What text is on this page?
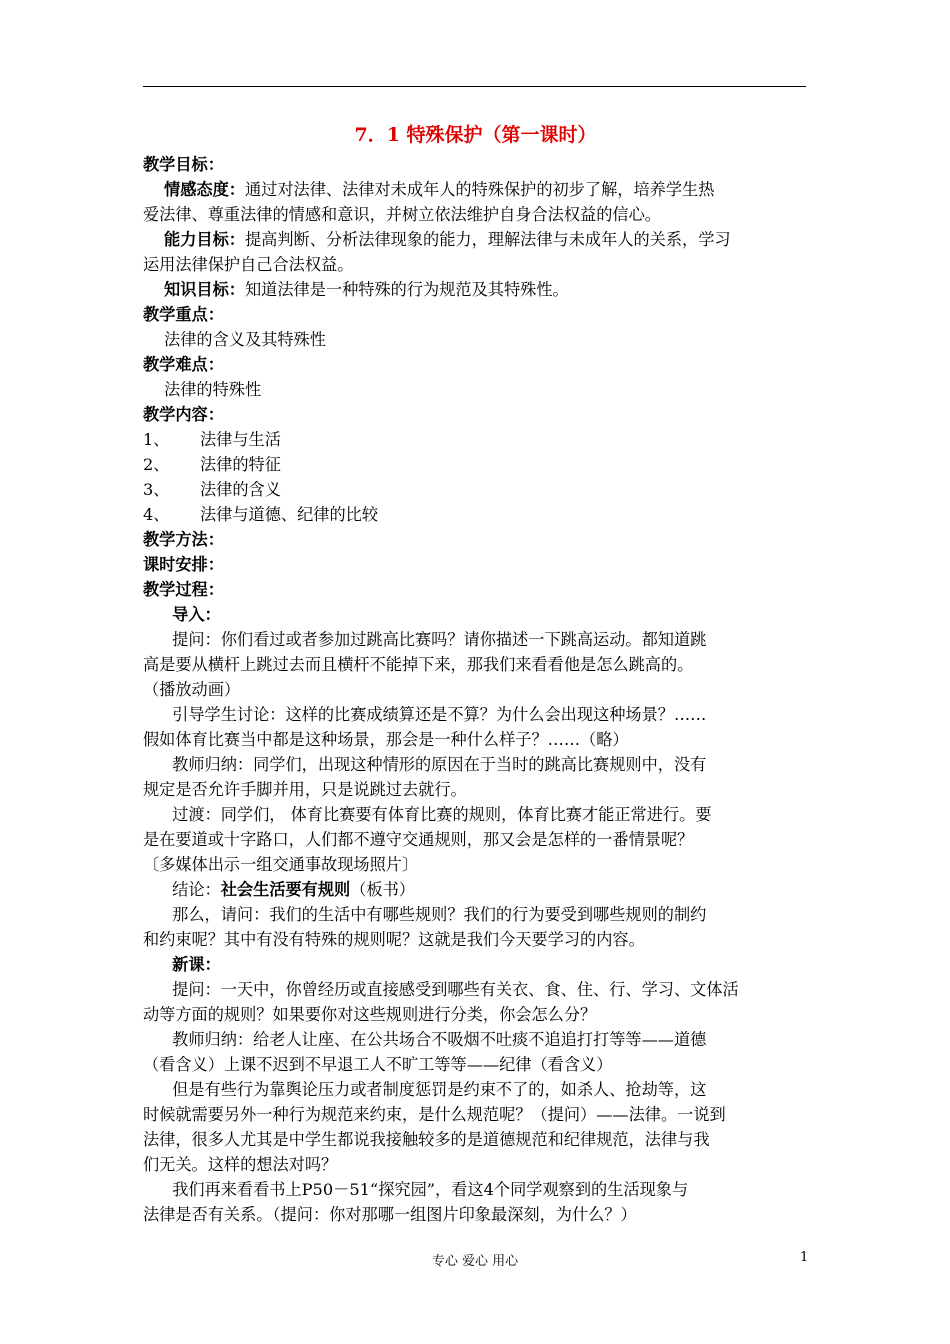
7．1 特殊保护（第一课时）
教学目标：
情感态度：通过对法律、法律对未成年人的特殊保护的初步了解，培养学生热
爱法律、尊重法律的情感和意识，并树立依法维护自身合法权益的信心。
能力目标：提高判断、分析法律现象的能力，理解法律与未成年人的关系，学习
运用法律保护自己合法权益。
知识目标：知道法律是一种特殊的行为规范及其特殊性。
教学重点：
法律的含义及其特殊性
教学难点：
法律的特殊性
教学内容：
1、 法律与生活
2、 法律的特征
3、 法律的含义
4、 法律与道德、纪律的比较
教学方法：
课时安排：
教学过程：
导入：
提问：你们看过或者参加过跳高比赛吗？请你描述一下跳高运动。都知道跳
高是要从横杆上跳过去而且横杆不能掉下来，那我们来看看他是怎么跳高的。
（播放动画）
引导学生讨论：这样的比赛成绩算还是不算？为什么会出现这种场景？……
假如体育比赛当中都是这种场景，那会是一种什么样子？……（略）
教师归纳：同学们，出现这种情形的原因在于当时的跳高比赛规则中，没有
规定是否允许手脚并用，只是说跳过去就行。
过渡：同学们， 体育比赛要有体育比赛的规则，体育比赛才能正常进行。要
是在要道或十字路口，人们都不遵守交通规则，那又会是怎样的一番情景呢？
〔多媒体出示一组交通事故现场照片〕
结论：社会生活要有规则（板书）
那么，请问：我们的生活中有哪些规则？我们的行为要受到哪些规则的制约
和约束呢？其中有没有特殊的规则呢？这就是我们今天要学习的内容。
新课：
提问：一天中，你曾经历或直接感受到哪些有关衣、食、住、行、学习、文体活
动等方面的规则？如果要你对这些规则进行分类，你会怎么分？
教师归纳：给老人让座、在公共场合不吸烟不吐痰不追追打打等等——道德
（看含义）上课不迟到不早退工人不旷工等等——纪律（看含义）
但是有些行为靠舆论压力或者制度惩罚是约束不了的，如杀人、抢劫等，这
时候就需要另外一种行为规范来约束，是什么规范呢？（提问）——法律。一说到
法律，很多人尤其是中学生都说我接触较多的是道德规范和纪律规范，法律与我
们无关。这样的想法对吗？
我们再来看看书上P50－51“探究园”，看这4个同学观察到的生活现象与
法律是否有关系。（提问：你对那哪一组图片印象最深刻，为什么？）
专心 爱心 用心	1
